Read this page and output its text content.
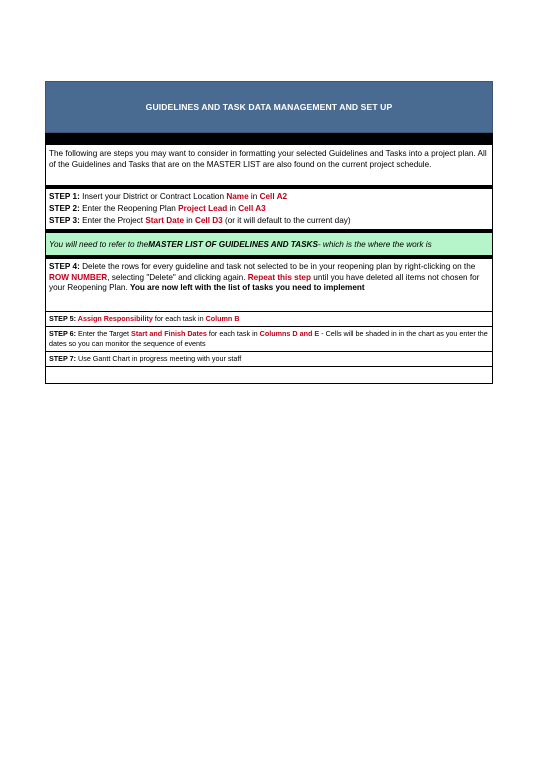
GUIDELINES AND TASK DATA MANAGEMENT AND SET UP
The following are steps you may want to consider in formatting your selected Guidelines and Tasks into a project plan. All of the Guidelines and Tasks that are on the MASTER LIST are also found on the current project schedule.
STEP 1: Insert your District or Contract Location Name in Cell A2
STEP 2: Enter the Reopening Plan Project Lead in Cell A3
STEP 3: Enter the Project Start Date in Cell D3 (or it will default to the current day)
You will need to refer to the MASTER LIST OF GUIDELINES AND TASKS - which is the where the work is
STEP 4: Delete the rows for every guideline and task not selected to be in your reopening plan by right-clicking on the ROW NUMBER, selecting "Delete" and clicking again. Repeat this step until you have deleted all items not chosen for your Reopening Plan. You are now left with the list of tasks you need to implement
STEP 5: Assign Responsibility for each task in Column B
STEP 6: Enter the Target Start and Finish Dates for each task in Columns D and E - Cells will be shaded in in the chart as you enter the dates so you can monitor the sequence of events
STEP 7: Use Gantt Chart in progress meeting with your staff
